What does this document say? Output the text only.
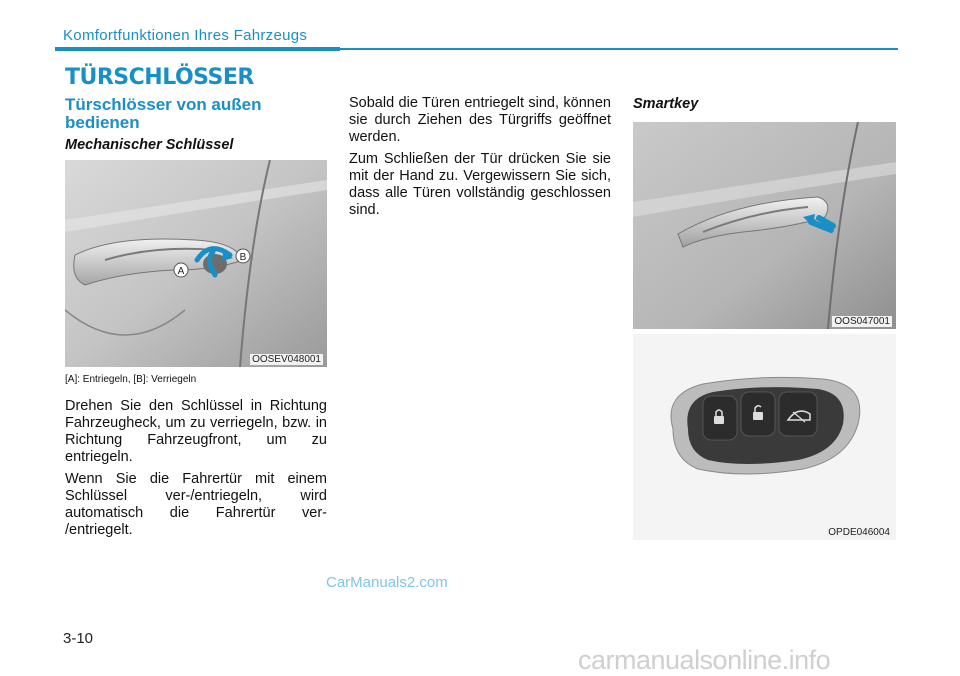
Komfortfunktionen Ihres Fahrzeugs
TÜRSCHLÖSSER
Türschlösser von außen bedienen
Mechanischer Schlüssel
A
B
OOSEV048001
[A]: Entriegeln, [B]: Verriegeln

Drehen Sie den Schlüssel in Richtung Fahrzeugheck, um zu verriegeln, bzw. in Richtung Fahrzeugfront, um zu entriegeln.

Wenn Sie die Fahrertür mit einem Schlüssel ver-/entriegeln, wird automatisch die Fahrertür ver- /entriegelt.

Sobald die Türen entriegelt sind, können sie durch Ziehen des Türgriffs geöffnet werden.

Zum Schließen der Tür drücken Sie sie mit der Hand zu. Vergewissern Sie sich, dass alle Türen vollständig geschlossen sind.

Smartkey
OOS047001
OPDE046004
CarManuals2.com
3-10
carmanualsonline.info
